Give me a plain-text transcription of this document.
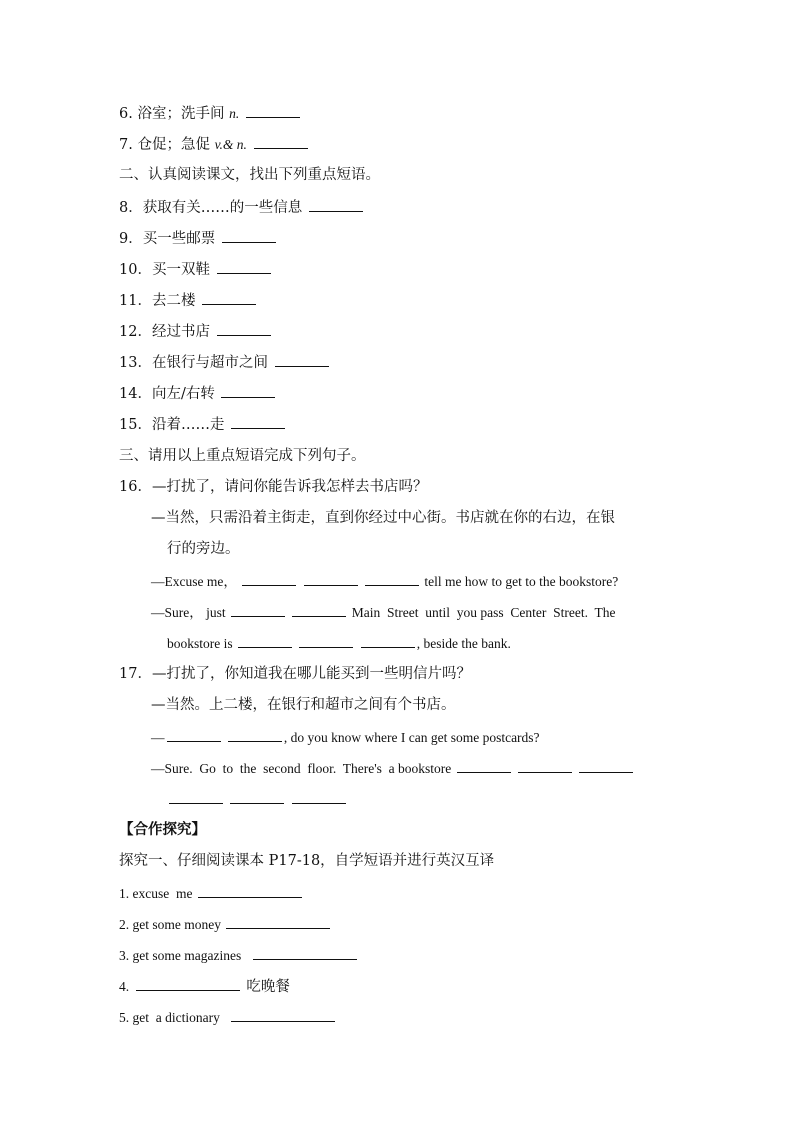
6. 浴室；洗手间 n.
7. 仓促；急促 v.& n.
二、认真阅读课文，找出下列重点短语。
8．获取有关……的一些信息
9．买一些邮票
10．买一双鞋
11．去二楼
12．经过书店
13．在银行与超市之间
14．向左/右转
15．沿着……走
三、请用以上重点短语完成下列句子。
16．—打扰了，请问你能告诉我怎样去书店吗？
—当然，只需沿着主街走，直到你经过中心街。书店就在你的右边，在银
行的旁边。
—Excuse me，	tell me how to get to the bookstore?
—Sure， just	Main  Street  until  you pass  Center  Street.  The
bookstore is	, beside the bank.
17．—打扰了，你知道我在哪儿能买到一些明信片吗？
—当然。上二楼，在银行和超市之间有个书店。
—	, do you know where I can get some postcards?
—Sure.  Go  to  the  second  floor.  There's  a bookstore

【合作探究】
探究一、仔细阅读课本 P17-18，自学短语并进行英汉互译
1. excuse  me
2. get some money
3. get some magazines
4.	吃晚餐
5. get  a dictionary
